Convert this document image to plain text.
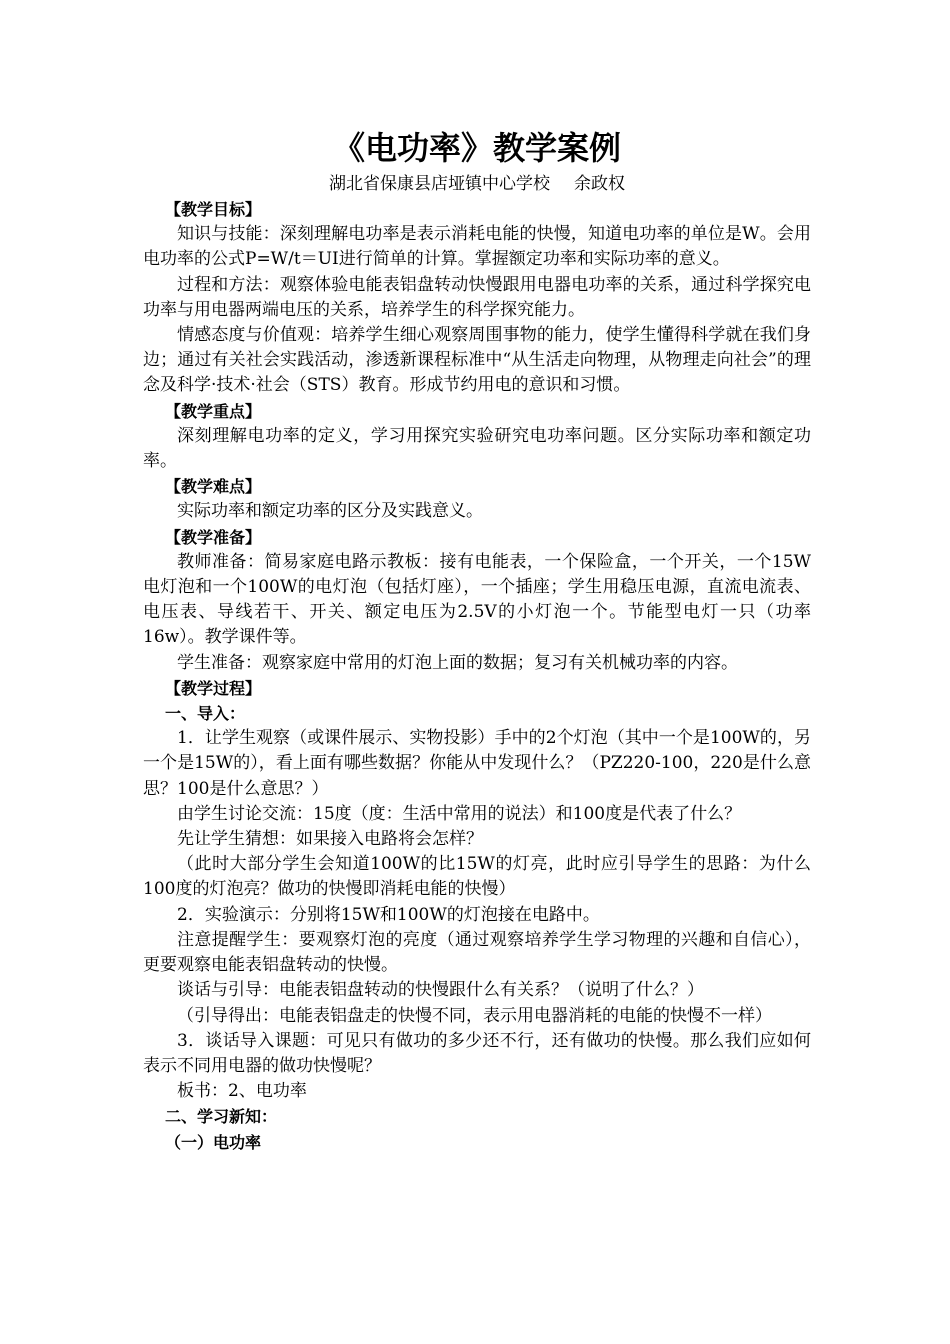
《电功率》教学案例
湖北省保康县店垭镇中心学校 余政权
【教学目标】

知识与技能：深刻理解电功率是表示消耗电能的快慢，知道电功率的单位是W。会用电功率的公式P=W/t＝UI进行简单的计算。掌握额定功率和实际功率的意义。

过程和方法：观察体验电能表铝盘转动快慢跟用电器电功率的关系，通过科学探究电功率与用电器两端电压的关系，培养学生的科学探究能力。

情感态度与价值观：培养学生细心观察周围事物的能力，使学生懂得科学就在我们身边；通过有关社会实践活动，渗透新课程标准中“从生活走向物理，从物理走向社会”的理念及科学·技术·社会（STS）教育。形成节约用电的意识和习惯。

【教学重点】

深刻理解电功率的定义，学习用探究实验研究电功率问题。区分实际功率和额定功率。

【教学难点】

实际功率和额定功率的区分及实践意义。

【教学准备】

教师准备：简易家庭电路示教板：接有电能表，一个保险盒，一个开关，一个15W电灯泡和一个100W的电灯泡（包括灯座），一个插座；学生用稳压电源，直流电流表、电压表、导线若干、开关、额定电压为2.5V的小灯泡一个。节能型电灯一只（功率16w）。教学课件等。

学生准备：观察家庭中常用的灯泡上面的数据；复习有关机械功率的内容。

【教学过程】
一、导入：

1．让学生观察（或课件展示、实物投影）手中的2个灯泡（其中一个是100W的，另一个是15W的），看上面有哪些数据？你能从中发现什么？（PZ220-100，220是什么意思？100是什么意思？）

由学生讨论交流：15度（度：生活中常用的说法）和100度是代表了什么？

先让学生猜想：如果接入电路将会怎样？

（此时大部分学生会知道100W的比15W的灯亮，此时应引导学生的思路：为什么100度的灯泡亮？做功的快慢即消耗电能的快慢）

2．实验演示：分别将15W和100W的灯泡接在电路中。

注意提醒学生：要观察灯泡的亮度（通过观察培养学生学习物理的兴趣和自信心），更要观察电能表铝盘转动的快慢。

谈话与引导：电能表铝盘转动的快慢跟什么有关系？（说明了什么？）

（引导得出：电能表铝盘走的快慢不同，表示用电器消耗的电能的快慢不一样）

3．谈话导入课题：可见只有做功的多少还不行，还有做功的快慢。那么我们应如何表示不同用电器的做功快慢呢？

板书：2、电功率

二、学习新知：
（一）电功率
